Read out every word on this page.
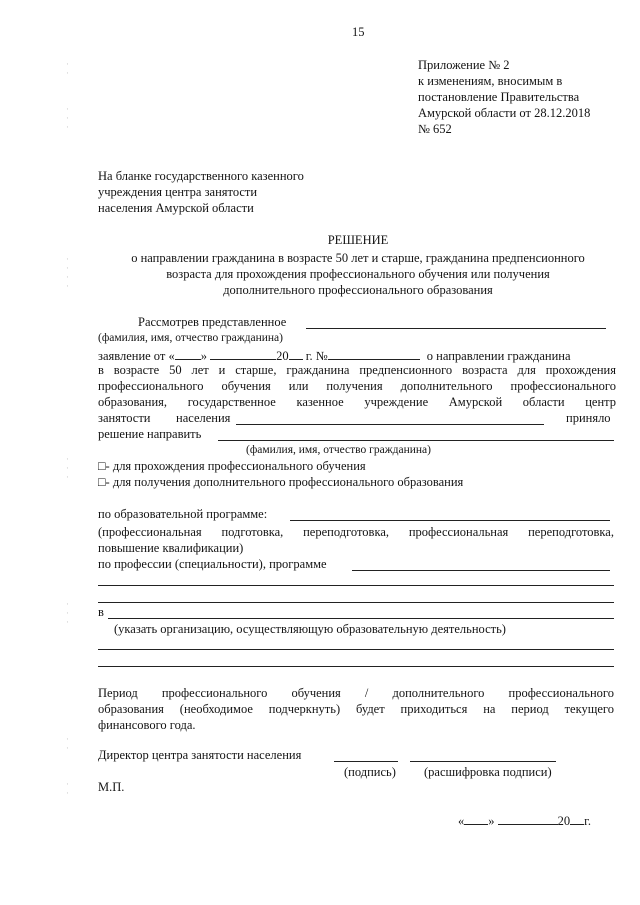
·
·

·
·
·
·
·
·
·
·
·
·
·
·
·
·
·

·
·
15
Приложение № 2
к изменениям, вносимым в
постановление Правительства
Амурской области от 28.12.2018
№ 652
На бланке государственного казенного
учреждения центра занятости
населения Амурской области
РЕШЕНИЕ
о направлении гражданина в возрасте 50 лет и старше, гражданина предпенсионного
возраста для прохождения профессионального обучения или получения
дополнительного профессионального образования
Рассмотрев представленное
(фамилия, имя, отчество гражданина)
заявление от « »	20 г. №	о направлении гражданина
в возрасте 50 лет и старше, гражданина предпенсионного возраста для прохождения
профессионального обучения или получения дополнительного профессионального
образования, государственное казенное учреждение Амурской области центр
занятости населения	приняло
решение направить
(фамилия, имя, отчество гражданина)
□- для прохождения профессионального обучения
□- для получения дополнительного профессионального образования
по образовательной программе:
(профессиональная подготовка, переподготовка, профессиональная переподготовка,
повышение квалификации)
по профессии (специальности), программе
в
(указать организацию, осуществляющую образовательную деятельность)
Период профессионального обучения / дополнительного профессионального
образования (необходимое подчеркнуть) будет приходиться на период текущего
финансового года.
Директор центра занятости населения
(подпись) (расшифровка подписи)
М.П.
« »	20 г.
